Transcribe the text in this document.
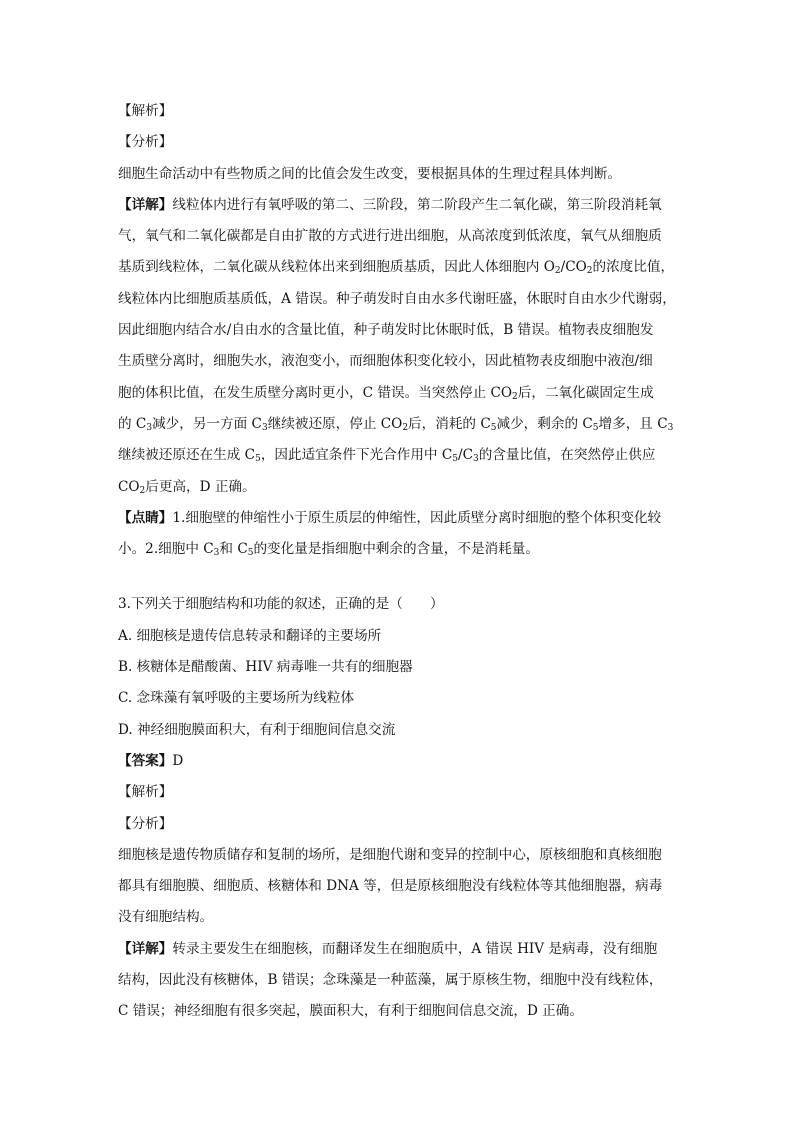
【解析】
【分析】
细胞生命活动中有些物质之间的比值会发生改变，要根据具体的生理过程具体判断。
【详解】线粒体内进行有氧呼吸的第二、三阶段，第二阶段产生二氧化碳，第三阶段消耗氧
气，氧气和二氧化碳都是自由扩散的方式进行进出细胞，从高浓度到低浓度，氧气从细胞质
基质到线粒体，二氧化碳从线粒体出来到细胞质基质，因此人体细胞内 $O_2/CO_2$的浓度比值，
线粒体内比细胞质基质低，A 错误。种子萌发时自由水多代谢旺盛，休眠时自由水少代谢弱，
因此细胞内结合水/自由水的含量比值，种子萌发时比休眠时低，B 错误。植物表皮细胞发
生质壁分离时，细胞失水，液泡变小，而细胞体积变化较小，因此植物表皮细胞中液泡/细
胞的体积比值，在发生质壁分离时更小，C 错误。当突然停止 $CO_2$后，二氧化碳固定生成
的 $C_3$减少，另一方面 $C_3$继续被还原，停止 $CO_2$后，消耗的 $C_5$减少，剩余的 $C_5$增多，且 $C_3$
继续被还原还在生成 $C_5$，因此适宜条件下光合作用中 $C_5/C_3$的含量比值，在突然停止供应
$CO_2$后更高，D 正确。
【点睛】1.细胞壁的伸缩性小于原生质层的伸缩性，因此质壁分离时细胞的整个体积变化较
小。2.细胞中 $C_3$和 $C_5$的变化量是指细胞中剩余的含量，不是消耗量。
3.下列关于细胞结构和功能的叙述，正确的是（　　）
A. 细胞核是遗传信息转录和翻译的主要场所
B. 核糖体是醋酸菌、HIV 病毒唯一共有的细胞器
C. 念珠藻有氧呼吸的主要场所为线粒体
D. 神经细胞膜面积大，有利于细胞间信息交流
【答案】D
【解析】
【分析】
细胞核是遗传物质储存和复制的场所，是细胞代谢和变异的控制中心，原核细胞和真核细胞
都具有细胞膜、细胞质、核糖体和 DNA 等，但是原核细胞没有线粒体等其他细胞器，病毒
没有细胞结构。
【详解】转录主要发生在细胞核，而翻译发生在细胞质中，A 错误 HIV 是病毒，没有细胞
结构，因此没有核糖体，B 错误；念珠藻是一种蓝藻，属于原核生物，细胞中没有线粒体，
C 错误；神经细胞有很多突起，膜面积大，有利于细胞间信息交流，D 正确。
